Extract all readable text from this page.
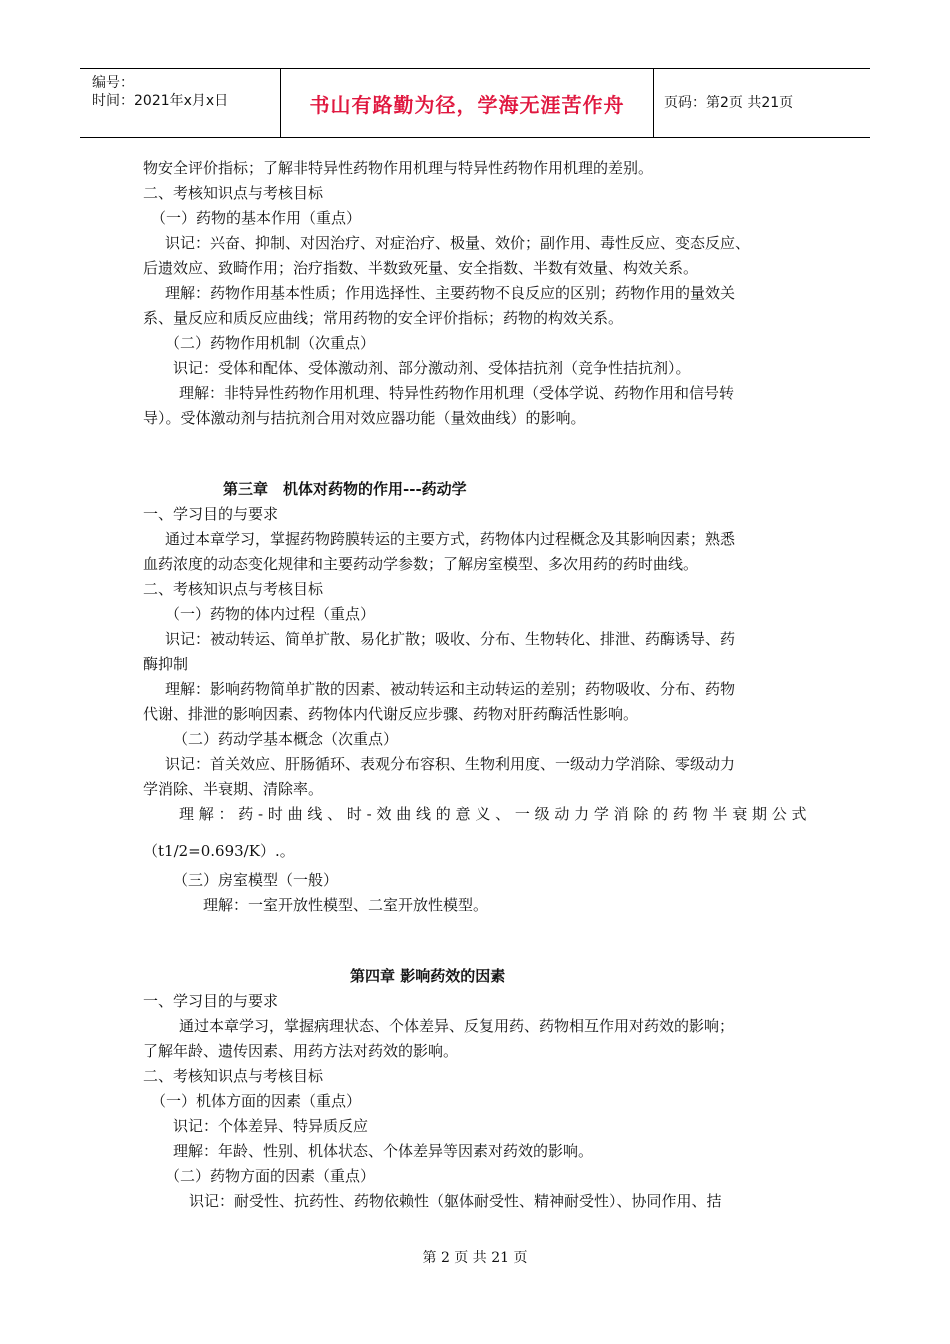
编号：
时间：2021年x月x日	书山有路勤为径，学海无涯苦作舟	页码：第2页 共21页

物安全评价指标；了解非特异性药物作用机理与特异性药物作用机理的差别。

二、考核知识点与考核目标

（一）药物的基本作用（重点）

识记：兴奋、抑制、对因治疗、对症治疗、极量、效价；副作用、毒性反应、变态反应、

后遗效应、致畸作用；治疗指数、半数致死量、安全指数、半数有效量、构效关系。

理解：药物作用基本性质；作用选择性、主要药物不良反应的区别；药物作用的量效关

系、量反应和质反应曲线；常用药物的安全评价指标；药物的构效关系。

（二）药物作用机制（次重点）

识记：受体和配体、受体激动剂、部分激动剂、受体拮抗剂（竞争性拮抗剂）。

理解：非特异性药物作用机理、特异性药物作用机理（受体学说、药物作用和信号转

导）。受体激动剂与拮抗剂合用对效应器功能（量效曲线）的影响。

第三章　机体对药物的作用---药动学

一、学习目的与要求

通过本章学习，掌握药物跨膜转运的主要方式，药物体内过程概念及其影响因素；熟悉

血药浓度的动态变化规律和主要药动学参数；了解房室模型、多次用药的药时曲线。

二、考核知识点与考核目标

（一）药物的体内过程（重点）

识记：被动转运、简单扩散、易化扩散；吸收、分布、生物转化、排泄、药酶诱导、药

酶抑制

理解：影响药物简单扩散的因素、被动转运和主动转运的差别；药物吸收、分布、药物

代谢、排泄的影响因素、药物体内代谢反应步骤、药物对肝药酶活性影响。

（二）药动学基本概念（次重点）

识记：首关效应、肝肠循环、表观分布容积、生物利用度、一级动力学消除、零级动力

学消除、半衰期、清除率。

理解：药-时曲线、时-效曲线的意义、一级动力学消除的药物半衰期公式

（t1/2=0.693/K）.。

（三）房室模型（一般）

理解：一室开放性模型、二室开放性模型。

第四章 影响药效的因素

一、学习目的与要求

通过本章学习，掌握病理状态、个体差异、反复用药、药物相互作用对药效的影响；

了解年龄、遗传因素、用药方法对药效的影响。

二、考核知识点与考核目标

（一）机体方面的因素（重点）

识记：个体差异、特异质反应

理解：年龄、性别、机体状态、个体差异等因素对药效的影响。

（二）药物方面的因素（重点）

识记：耐受性、抗药性、药物依赖性（躯体耐受性、精神耐受性）、协同作用、拮

第 2 页 共 21 页
